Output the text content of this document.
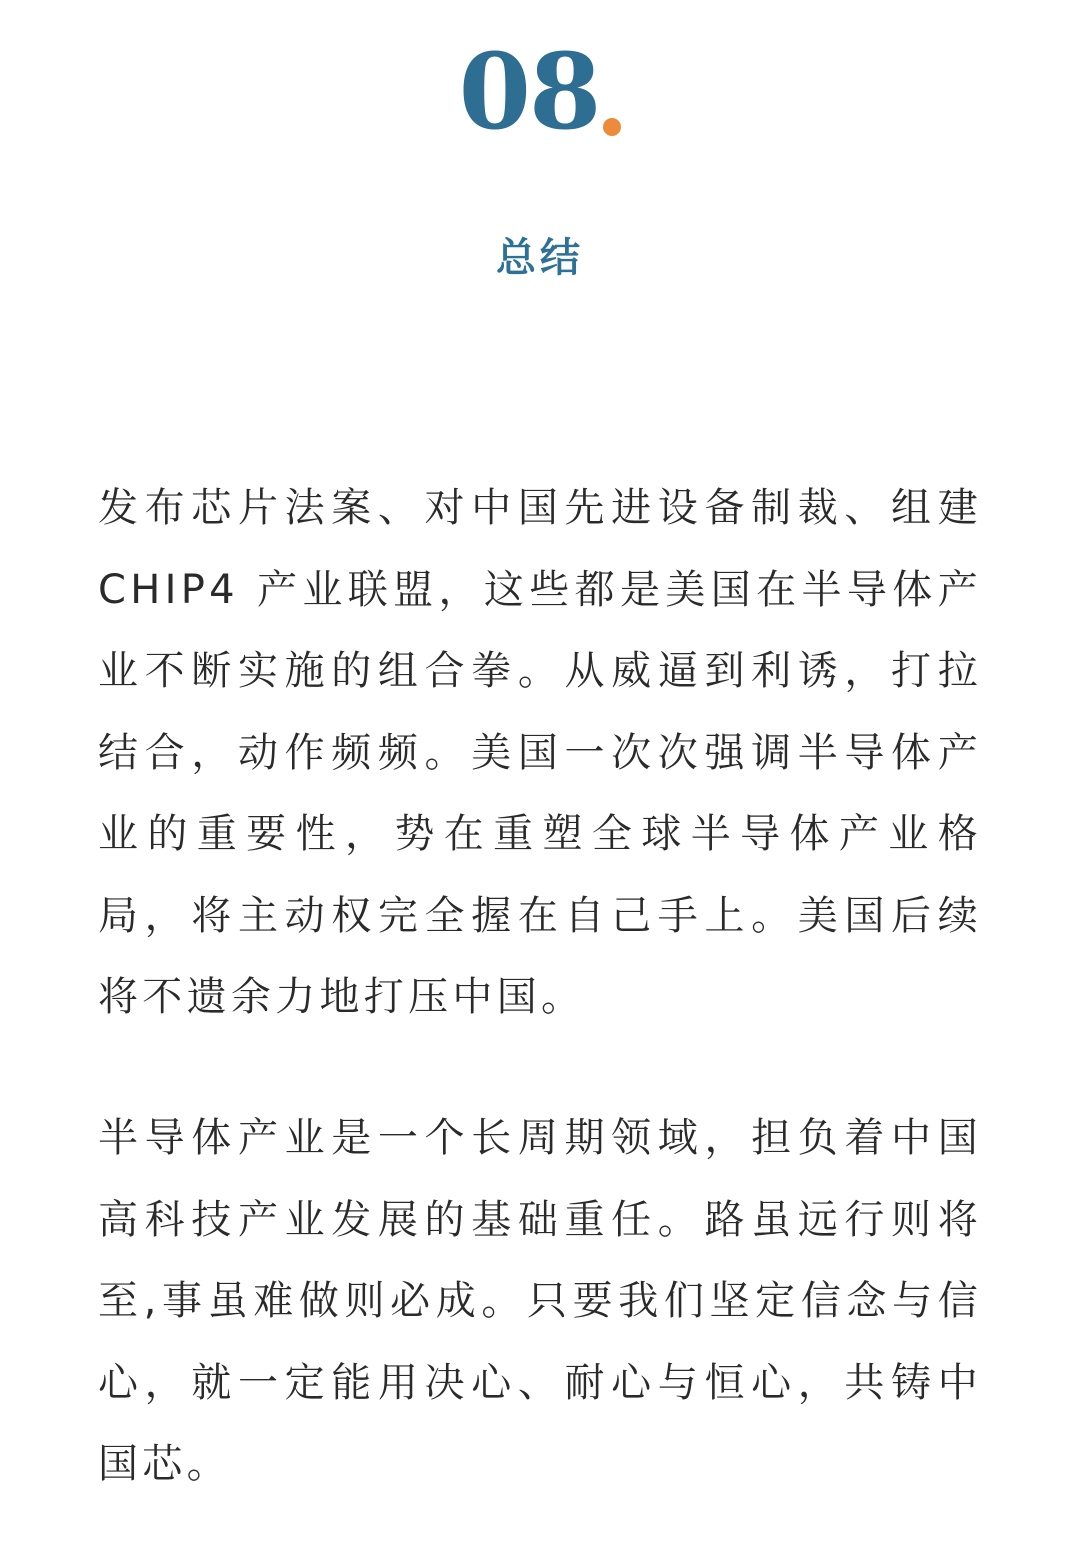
08
总结
发布芯片法案、对中国先进设备制裁、组建CHIP4 产业联盟，这些都是美国在半导体产业不断实施的组合拳。从威逼到利诱，打拉结合，动作频频。美国一次次强调半导体产业的重要性，势在重塑全球半导体产业格局，将主动权完全握在自己手上。美国后续将不遗余力地打压中国。
半导体产业是一个长周期领域，担负着中国高科技产业发展的基础重任。路虽远行则将至,事虽难做则必成。只要我们坚定信念与信心，就一定能用决心、耐心与恒心，共铸中国芯。
